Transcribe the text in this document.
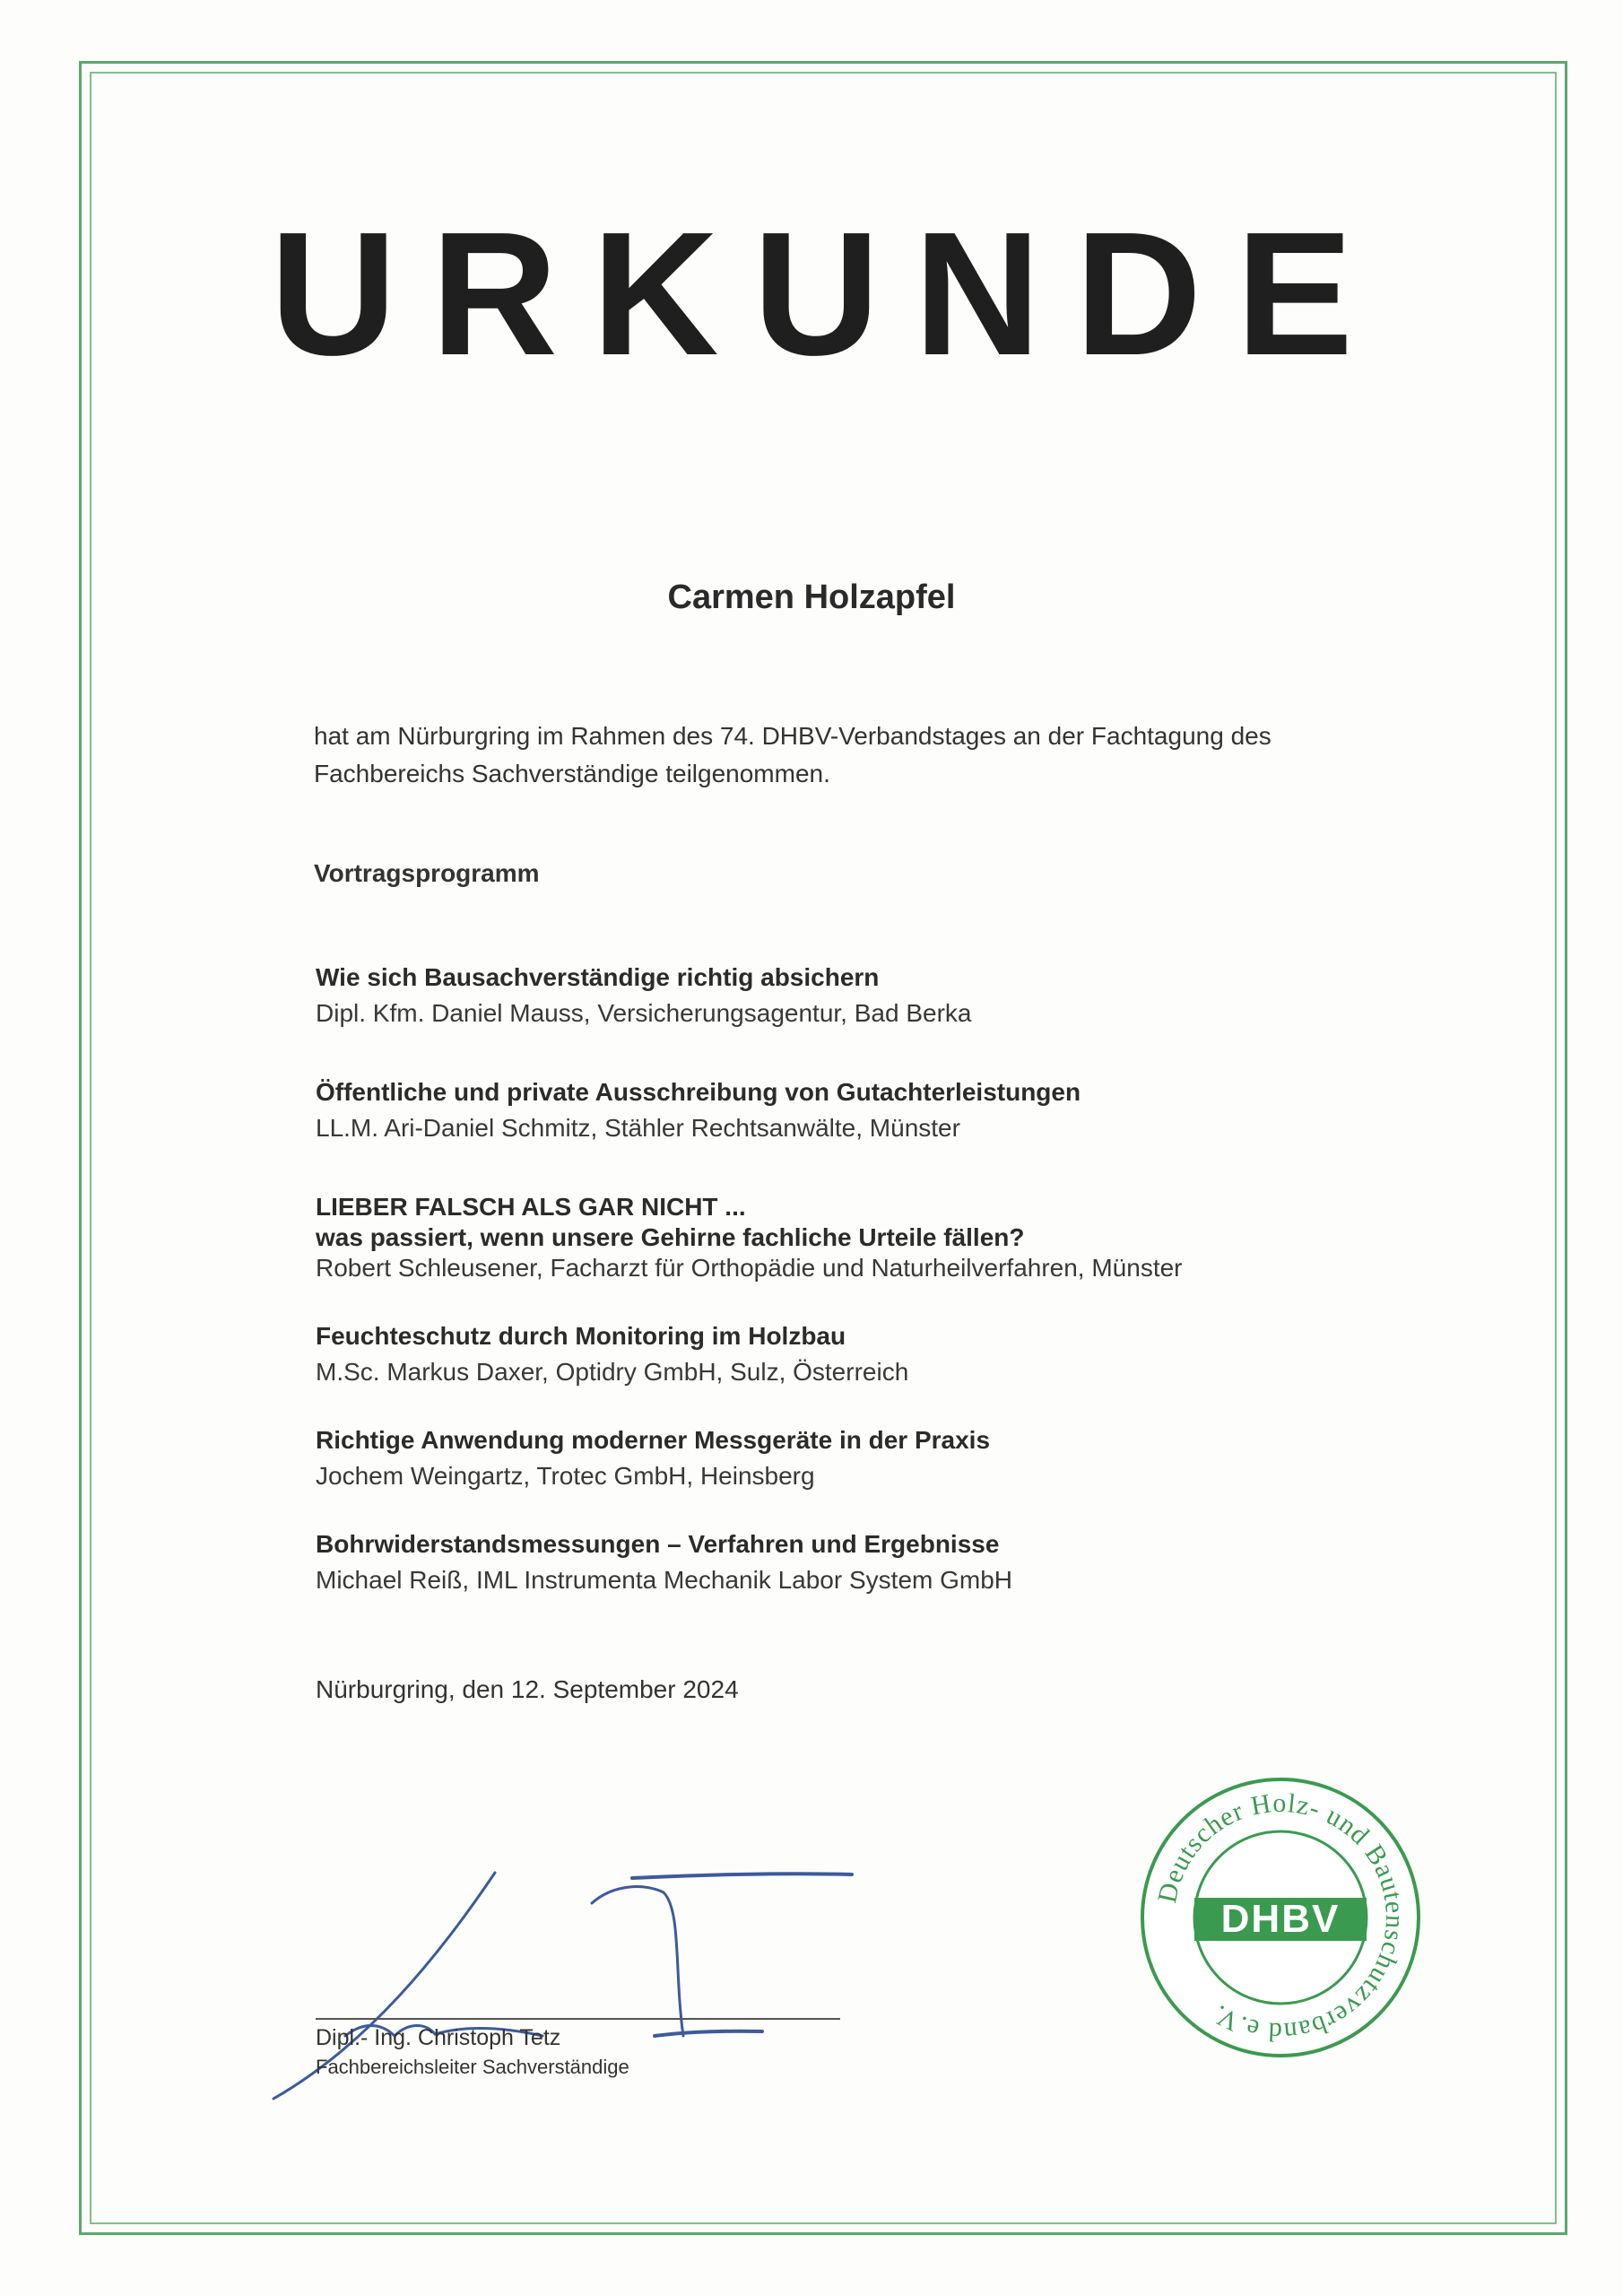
URKUNDE
Carmen Holzapfel
hat am Nürburgring im Rahmen des 74. DHBV-Verbandstages an der Fachtagung des
Fachbereichs Sachverständige teilgenommen.
Vortragsprogramm
Wie sich Bausachverständige richtig absichern
Dipl. Kfm. Daniel Mauss, Versicherungsagentur, Bad Berka
Öffentliche und private Ausschreibung von Gutachterleistungen
LL.M. Ari-Daniel Schmitz, Stähler Rechtsanwälte, Münster
LIEBER FALSCH ALS GAR NICHT ...
was passiert, wenn unsere Gehirne fachliche Urteile fällen?
Robert Schleusener, Facharzt für Orthopädie und Naturheilverfahren, Münster
Feuchteschutz durch Monitoring im Holzbau
M.Sc. Markus Daxer, Optidry GmbH, Sulz, Österreich
Richtige Anwendung moderner Messgeräte in der Praxis
Jochem Weingartz, Trotec GmbH, Heinsberg
Bohrwiderstandsmessungen – Verfahren und Ergebnisse
Michael Reiß, IML Instrumenta Mechanik Labor System GmbH
Nürburgring, den 12. September 2024
Dipl.- Ing. Christoph Tetz
Fachbereichsleiter Sachverständige
Deutscher Holz- und Bautenschutzverband e.V.
DHBV
